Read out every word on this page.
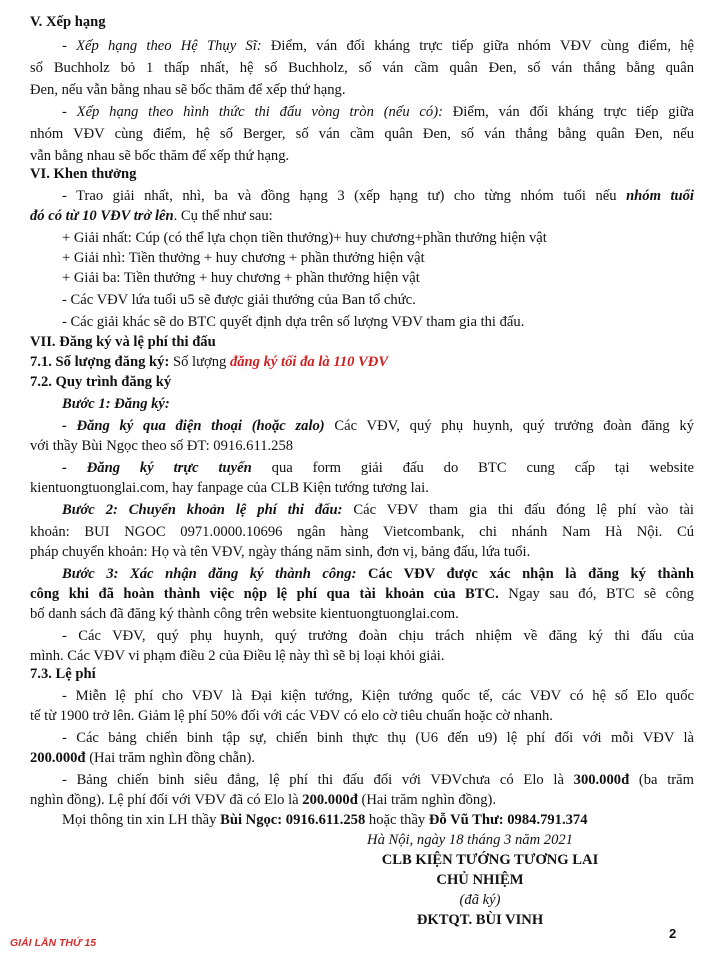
V. Xếp hạng
- Xếp hạng theo Hệ Thụy Sĩ: Điểm, ván đối kháng trực tiếp giữa nhóm VĐV cùng điểm, hệ
số Buchholz bỏ 1 thấp nhất, hệ số Buchholz, số ván cầm quân Đen, số ván thắng bằng quân
Đen, nếu vẫn bằng nhau sẽ bốc thăm để xếp thứ hạng.
- Xếp hạng theo hình thức thi đấu vòng tròn (nếu có): Điểm, ván đối kháng trực tiếp giữa
nhóm VĐV cùng điểm, hệ số Berger, số ván cầm quân Đen, số ván thắng bằng quân Đen, nếu
vẫn bằng nhau sẽ bốc thăm để xếp thứ hạng.
VI. Khen thưởng
- Trao giải nhất, nhì, ba và đồng hạng 3 (xếp hạng tư) cho từng nhóm tuổi nếu nhóm tuổi
đó có từ 10 VĐV trở lên. Cụ thể như sau:
+ Giải nhất: Cúp (có thể lựa chọn tiền thưởng)+ huy chương+phần thưởng hiện vật
+ Giải nhì: Tiền thưởng + huy chương + phần thưởng hiện vật
+ Giải ba: Tiền thưởng + huy chương + phần thưởng hiện vật
- Các VĐV lứa tuổi u5 sẽ được giải thưởng của Ban tổ chức.
- Các giải khác sẽ do BTC quyết định dựa trên số lượng VĐV tham gia thi đấu.
VII. Đăng ký và lệ phí thi đấu
7.1. Số lượng đăng ký: Số lượng đăng ký tối đa là 110 VĐV
7.2. Quy trình đăng ký
Bước 1: Đăng ký:
- Đăng ký qua điện thoại (hoặc zalo) Các VĐV, quý phụ huynh, quý trưởng đoàn đăng ký
với thầy Bùi Ngọc theo số ĐT: 0916.611.258
- Đăng ký trực tuyến qua form giải đấu do BTC cung cấp tại website
kientuongtuonglai.com, hay fanpage của CLB Kiện tướng tương lai.
Bước 2: Chuyển khoản lệ phí thi đấu: Các VĐV tham gia thi đấu đóng lệ phí vào tài
khoản: BUI NGOC 0971.0000.10696 ngân hàng Vietcombank, chi nhánh Nam Hà Nội. Cú
pháp chuyển khoản: Họ và tên VĐV, ngày tháng năm sinh, đơn vị, bảng đấu, lứa tuổi.
Bước 3: Xác nhận đăng ký thành công: Các VĐV được xác nhận là đăng ký thành
công khi đã hoàn thành việc nộp lệ phí qua tài khoản của BTC. Ngay sau đó, BTC sẽ công
bố danh sách đã đăng ký thành công trên website kientuongtuonglai.com.
- Các VĐV, quý phụ huynh, quý trưởng đoàn chịu trách nhiệm về đăng ký thi đấu của
mình. Các VĐV vi phạm điều 2 của Điều lệ này thì sẽ bị loại khỏi giải.
7.3. Lệ phí
- Miễn lệ phí cho VĐV là Đại kiện tướng, Kiện tướng quốc tế, các VĐV có hệ số Elo quốc
tế từ 1900 trở lên. Giảm lệ phí 50% đối với các VĐV có elo cờ tiêu chuẩn hoặc cờ nhanh.
- Các bảng chiến binh tập sự, chiến binh thực thụ (U6 đến u9) lệ phí đối với mỗi VĐV là
200.000đ (Hai trăm nghìn đồng chẵn).
- Bảng chiến binh siêu đẳng, lệ phí thi đấu đối với VĐVchưa có Elo là 300.000đ (ba trăm
nghìn đồng). Lệ phí đối với VĐV đã có Elo là 200.000đ (Hai trăm nghìn đồng).
Mọi thông tin xin LH thầy Bùi Ngọc: 0916.611.258 hoặc thầy Đỗ Vũ Thư: 0984.791.374
Hà Nội, ngày 18 tháng 3 năm 2021
CLB KIỆN TƯỚNG TƯƠNG LAI
CHỦ NHIỆM
(đã ký)
ĐKTQT. BÙI VINH
GIẢI LẦN THỨ 15
2
